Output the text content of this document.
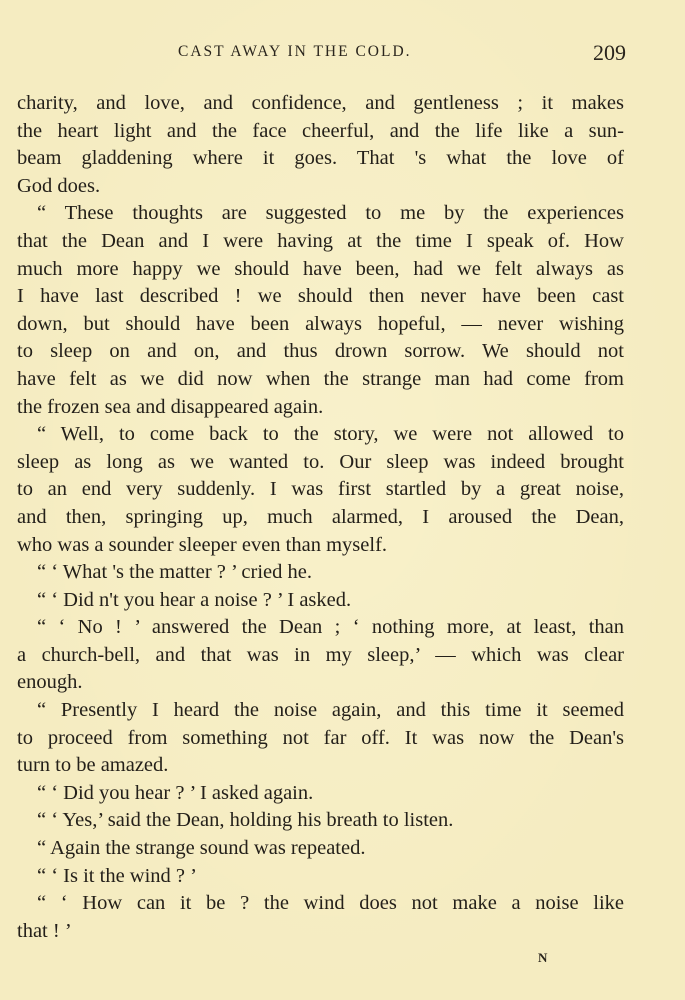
CAST AWAY IN THE COLD.	209
charity, and love, and confidence, and gentleness ; it makes
the heart light and the face cheerful, and the life like a sun-
beam gladdening where it goes. That 's what the love of
God does.
“ These thoughts are suggested to me by the experiences
that the Dean and I were having at the time I speak of. How
much more happy we should have been, had we felt always as
I have last described ! we should then never have been cast
down, but should have been always hopeful, — never wishing
to sleep on and on, and thus drown sorrow. We should not
have felt as we did now when the strange man had come from
the frozen sea and disappeared again.
“ Well, to come back to the story, we were not allowed to
sleep as long as we wanted to. Our sleep was indeed brought
to an end very suddenly. I was first startled by a great noise,
and then, springing up, much alarmed, I aroused the Dean,
who was a sounder sleeper even than myself.
“ ‘ What 's the matter ? ’ cried he.
“ ‘ Did n't you hear a noise ? ’ I asked.
“ ‘ No ! ’ answered the Dean ; ‘ nothing more, at least, than
a church-bell, and that was in my sleep,’ — which was clear
enough.
“ Presently I heard the noise again, and this time it seemed
to proceed from something not far off. It was now the Dean's
turn to be amazed.
“ ‘ Did you hear ? ’ I asked again.
“ ‘ Yes,’ said the Dean, holding his breath to listen.
“ Again the strange sound was repeated.
“ ‘ Is it the wind ? ’
“ ‘ How can it be ? the wind does not make a noise like
that ! ’
N
